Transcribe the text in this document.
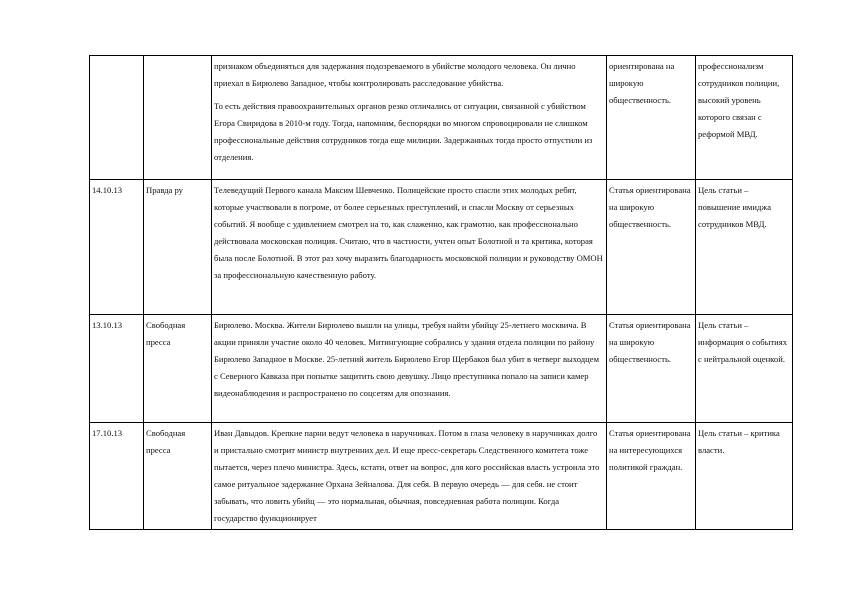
		признаком объединяться для задержания подозреваемого в убийстве молодого человека. Он лично приехал в Бирюлево Западное, чтобы контролировать расследование убийства.

То есть действия правоохранительных органов резко отличались от ситуации, связанной с убийством Егора Свиридова в 2010-м году. Тогда, напомним, беспорядки во многом спровоцировали не слишком профессиональные действия сотрудников тогда еще милиции. Задержанных тогда просто отпустили из отделения.	ориентирована на широкую общественность.	профессионализм сотрудников полиции, высокий уровень которого связан с реформой МВД.
14.10.13	Правда ру	Телеведущий Первого канала Максим Шевченко. Полицейские просто спасли этих молодых ребят, которые участвовали в погроме, от более серьезных преступлений, и спасли Москву от серьезных событий. Я вообще с удивлением смотрел на то, как слаженно, как грамотно, как профессионально действовала московская полиция. Считаю, что в частности, учтен опыт Болотной и та критика, которая была после Болотной. В этот раз хочу выразить благодарность московской полиции и руководству ОМОН за профессиональную качественную работу.	Статья ориентирована на широкую общественность.	Цель статьи – повышение имиджа сотрудников МВД.
13.10.13	Свободная пресса	Бирюлево. Москва. Жители Бирюлево вышли на улицы, требуя найти убийцу 25-летнего москвича. В акции приняли участие около 40 человек. Митингующие собрались у здания отдела полиции по району Бирюлево Западное в Москве. 25-летний житель Бирюлево Егор Щербаков был убит в четверг выходцем с Северного Кавказа при попытке защитить свою девушку. Лицо преступника попало на записи камер видеонаблюдения и распространено по соцсетям для опознания.	Статья ориентирована на широкую общественность.	Цель статьи – информация о событиях с нейтральной оценкой.
17.10.13	Свободная пресса	Иван Давыдов. Крепкие парни ведут человека в наручниках. Потом в глаза человеку в наручниках долго и пристально смотрит министр внутренних дел. И еще пресс-секретарь Следственного комитета тоже пытается, через плечо министра. Здесь, кстати, ответ на вопрос, для кого российская власть устроила это самое ритуальное задержание Орхана Зейналова. Для себя. В первую очередь — для себя. не стоит забывать, что ловить убийц — это нормальная, обычная, повседневная работа полиции. Когда государство функционирует	Статья ориентирована на интересующихся политикой граждан.	Цель статьи – критика власти.
